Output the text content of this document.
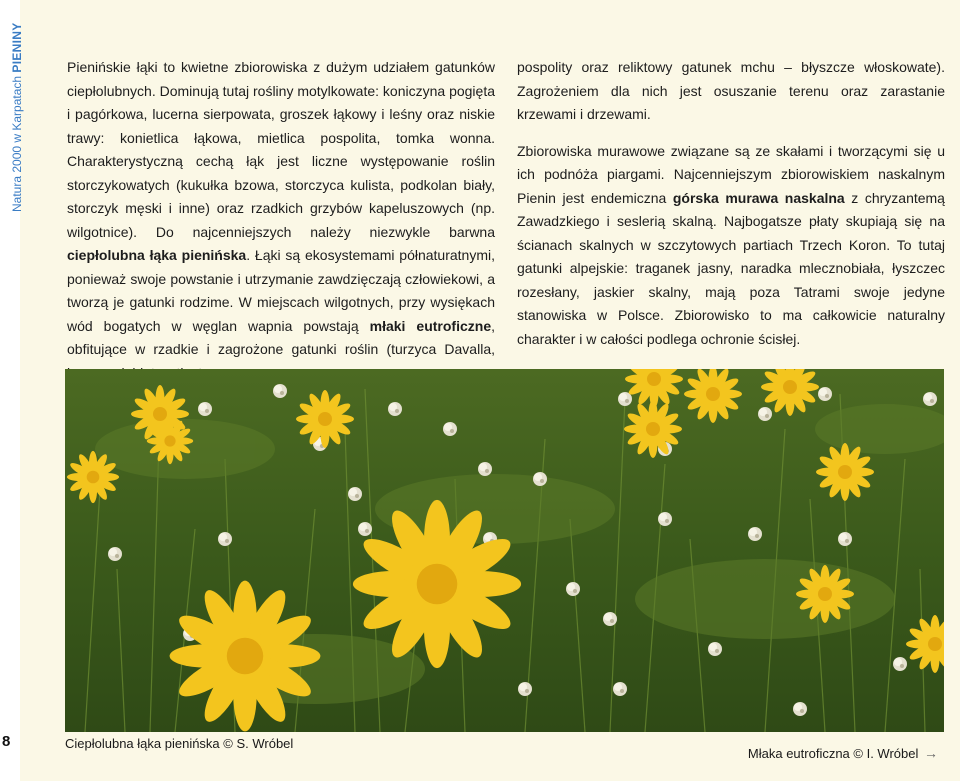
Natura 2000 w Karpatach PIENINY
8

Pienińskie łąki to kwietne zbiorowiska z dużym udziałem gatunków ciepłolubnych. Dominują tutaj rośliny motylkowate: koniczyna pogięta i pagórkowa, lucerna sierpowata, groszek łąkowy i leśny oraz niskie trawy: konietlica łąkowa, mietlica pospolita, tomka wonna. Charakterystyczną cechą łąk jest liczne występowanie roślin storczykowatych (kukułka bzowa, storczyca kulista, podkolan biały, storczyk męski i inne) oraz rzadkich grzybów kapeluszowych (np. wilgotnice). Do najcenniejszych należy niezwykle barwna ciepłolubna łąka pienińska. Łąki są ekosystemami półnaturatnymi, ponieważ swoje powstanie i utrzymanie zawdzięczają człowiekowi, a tworzą je gatunki rodzime. W miejscach wilgotnych, przy wysiękach wód bogatych w węglan wapnia powstają młaki eutroficzne, obfitujące w rzadkie i zagrożone gatunki roślin (turzyca Davalla,

pospolity oraz reliktowy gatunek mchu – błyszcze włoskowate). Zagrożeniem dla nich jest osuszanie terenu oraz zarastanie krzewami i drzewami.

Zbiorowiska murawowe związane są ze skałami i tworzącymi się u ich podnóża piargami. Najcenniejszym zbiorowiskiem naskalnym Pienin jest endemiczna górska murawa naskalna z chryzantemą Zawadzkiego i seslerią skalną. Najbogatsze płaty skupiają się na ścianach skalnych w szczytowych partiach Trzech Koron. To tutaj gatunki alpejskie: traganek jasny, naradka mlecznobiała, łyszczec rozesłany, jaskier skalny, mają poza Tatrami swoje jedyne stanowiska w Polsce. Zbiorowisko to ma całkowicie naturalny charakter i w całości podlega ochronie ścisłej.

Ciepłolubna łąka pienińska © S. Wróbel
Młaka eutroficzna © I. Wróbel →
